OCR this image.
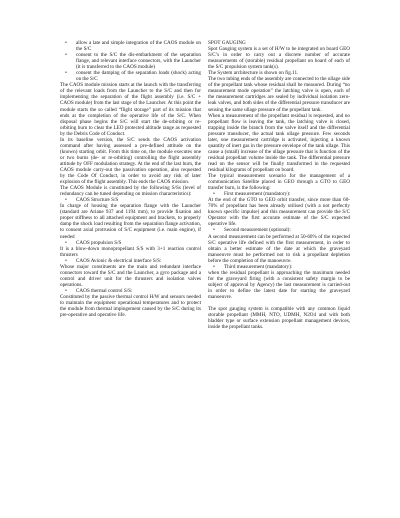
• allow a late and simple integration of the CAOS module on the S/C

• consent to the S/C the dis-embarkment of the separation flange, and relevant interface connectors, with the Launcher (it is transferred to the CAOS module)

• consent the damping of the separation loads (shock) acting on the S/C

The CAOS module mission starts at the launch with the transferring of the relevant loads from the Launcher to the S/C and then for implementing the separation of the flight assembly (i.e. S/C + CAOS module) from the last stage of the Launcher. At this point the module starts the so called “flight storage” part of its mission that ends at the completion of the operative life of the S/C. When disposal phase begins the S/C will start the de-orbiting or re-orbiting burn to clear the LEO protected altitude range as requested by the Debris Code of Conduct.

In its baseline version, the S/C sends the CAOS activation command after having assessed a pre-defined attitude on the (known) starting orbit. From this time on, the module executes one or two burns (de- or re-orbiting) controlling the flight assembly attitude by OFF modulation strategy. At the end of the last burn, the CAOS module carry-out the passivation operation, also requested by the Code Of Conduct, in order to avoid any risk of later explosion of the flight assembly. This ends the CAOS mission.

The CAOS Module is constituted by the following S/Ss (level of redundancy can be tuned depending on mission characteristics):

• CAOS Structure S/S

In charge of housing the separation flange with the Launcher (standard are Ariane 937 and 1194 mm), to provide fixation and proper stiffness to all attached equipment and brackets, to properly damp the shock load resulting from the separation flange activation, to consent axial protrusion of S/C equipment (i.e. main engine), if needed

• CAOS propulsion S/S

It is a blow-down monopropellant S/S with 3+1 reaction control thrusters

• CAOS Avionic & electrical interface S/S:

Whose major constituents are the main and redundant interface connectors toward the S/C and the Launcher, a gyro package and a control and driver unit for the thrusters and isolation valves operations.

• CAOS thermal control S/S:

Constituted by the passive thermal control H/W and sensors needed to maintain the equipment operational temperatures and to protect the module from thermal impingement caused by the S/C during its pre-operative and operative life.

SPOT GAUGING

Spot Gauging system is a set of H/W to be integrated on board GEO S/C’s in order to carry out a discrete number of accurate measurements of (storable) residual propellant on board of each of the S/C propulsion system tank(s).

The System architecture is shown on fig.11.

The two tubing ends of the assembly are connected to the ullage side of the propellant tank whose residual shall be measured. During “no measurement mode operation” the latching valve is open, each of the measurement cartridges are sealed by individual isolation zero-leak valves, and both sides of the differential pressure transducer are sensing the same ullage pressure of the propellant tank.

When a measurement of the propellant residual is requested, and no propellant flow is leaving the tank, the latching valve is closed, trapping inside the branch from the valve itself and the differential pressure transducer, the actual tank ullage pressure. Few seconds later, one measurement cartridge is activated, injecting a known quantity of inert gas in the pressure envelope of the tank ullage. This cause a (small) increase of the ullage pressure that is function of the residual propellant volume inside the tank. The differential pressure read on the sensor will be finally transformed in the requested residual kilograms of propellant on board.

The typical measurement scenario for the management of a communication Satellite placed in GEO through a GTO to GEO transfer burn, is the following:

• First measurement (mandatory):

At the end of the GTO to GEO orbit transfer, since more than 60-70% of propellant has been already utilised (with a not perfectly known specific impulse) and this measurement can provide the S/C Operator with the first accurate estimate of the S/C expected operative life.

• Second measurement (optional):

A second measurement can be performed at 50-60% of the expected S/C operative life defined with the first measurement, in order to obtain a better estimate of the date at which the graveyard manoeuvre must be performed not to risk a propellant depletion before the completion of the manoeuvre.

• Third measurement (mandatory):

when the residual propellant is approaching the maximum needed for the graveyard firing (with a consistent safety margin to be subject of approval by Agency) the last measurement is carried-out in order to define the latest date for starting the graveyard manoeuvre.

The spot gauging system is compatible with any common liquid storable propellant (MMH, NTO, UDMH, N2O4 and with both bladder type or surface extension propellant management devices, inside the propellant tanks.
